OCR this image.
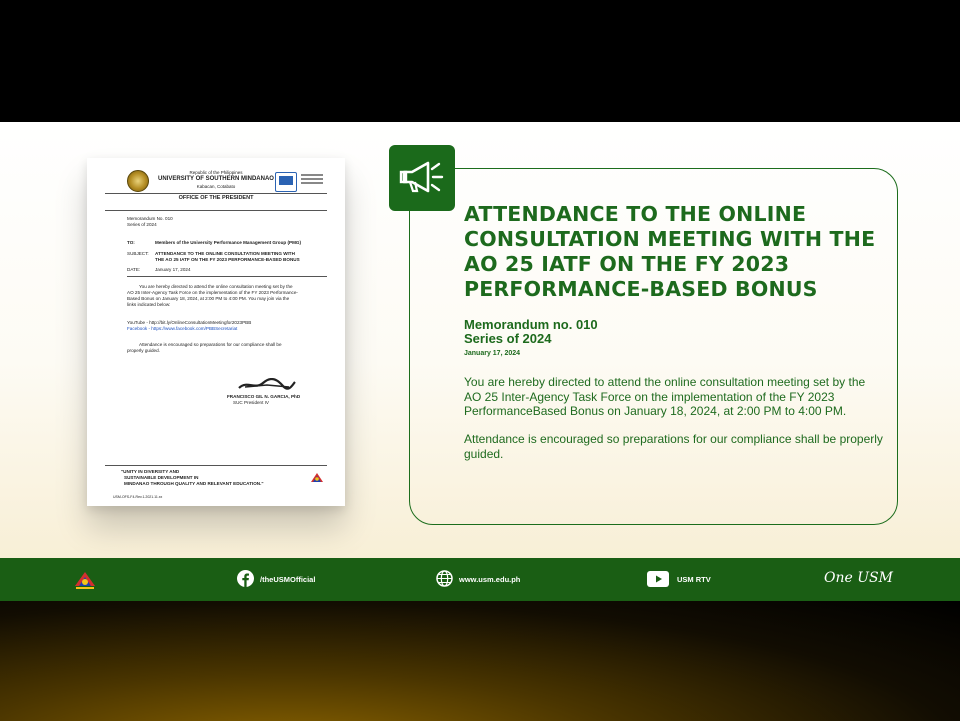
Republic of the Philippines
UNIVERSITY OF SOUTHERN MINDANAO
Kabacan, Cotabato
OFFICE OF THE PRESIDENT
Memorandum No. 010
Series of 2024
TO:	Members of the University Performance Management Group (PMG)
SUBJECT: ATTENDANCE TO THE ONLINE CONSULTATION MEETING WITH
THE AO 25 IATF ON THE FY 2023 PERFORMANCE-BASED BONUS
DATE:	January 17, 2024
You are hereby directed to attend the online consultation meeting set by the
AO 25 Inter-Agency Task Force on the implementation of the FY 2023 Performance-
Based Bonus on January 18, 2024, at 2:00 PM to 4:00 PM. You may join via the
links indicated below:
YouTube - http://bit.ly/OnlineConsultationMeetingfor2023PBB
Facebook - https://www.facebook.com/PBBSecretariat
Attendance is encouraged so preparations for our compliance shall be
properly guided.
FRANCISCO GIL N. GARCIA, PhD
SUC President IV
"UNITY IN DIVERSITY AND
SUSTAINABLE DEVELOPMENT IN
MINDANAO THROUGH QUALITY AND RELEVANT EDUCATION."
USM-OFS-F4-Rev.1.2021.11.xx
ATTENDANCE TO THE ONLINE CONSULTATION MEETING WITH THE AO 25 IATF ON THE FY 2023 PERFORMANCE-BASED BONUS
Memorandum no. 010
Series of 2024
January 17, 2024
You are hereby directed to attend the online consultation meeting set by the AO 25 Inter-Agency Task Force on the implementation of the FY 2023 PerformanceBased Bonus on January 18, 2024, at 2:00 PM to 4:00 PM.
Attendance is encouraged so preparations for our compliance shall be properly guided.
/theUSMOfficial	www.usm.edu.ph	USM RTV	One USM
